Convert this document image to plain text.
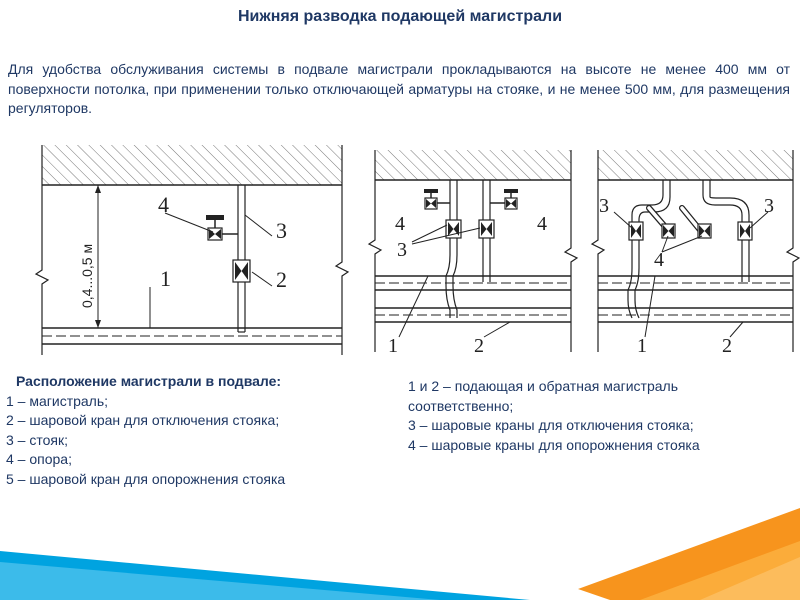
Нижняя разводка подающей магистрали
Для удобства обслуживания системы в подвале магистрали прокладываются на высоте не менее 400 мм от поверхности потолка, при применении только отключающей арматуры на стояке, и не менее 500 мм, для размещения регуляторов.
0,4...0,5 м
4
3
1	2
4	4
3
1	2
3	3
4
1	2
Расположение магистрали в подвале:
1 – магистраль;
2 – шаровой кран для отключения стояка;
3 – стояк;
4 – опора;
5 – шаровой кран для опорожнения стояка
1 и 2 – подающая и обратная магистраль соответственно;
3 – шаровые краны для отключения стояка;
4 – шаровые краны для опорожнения стояка
